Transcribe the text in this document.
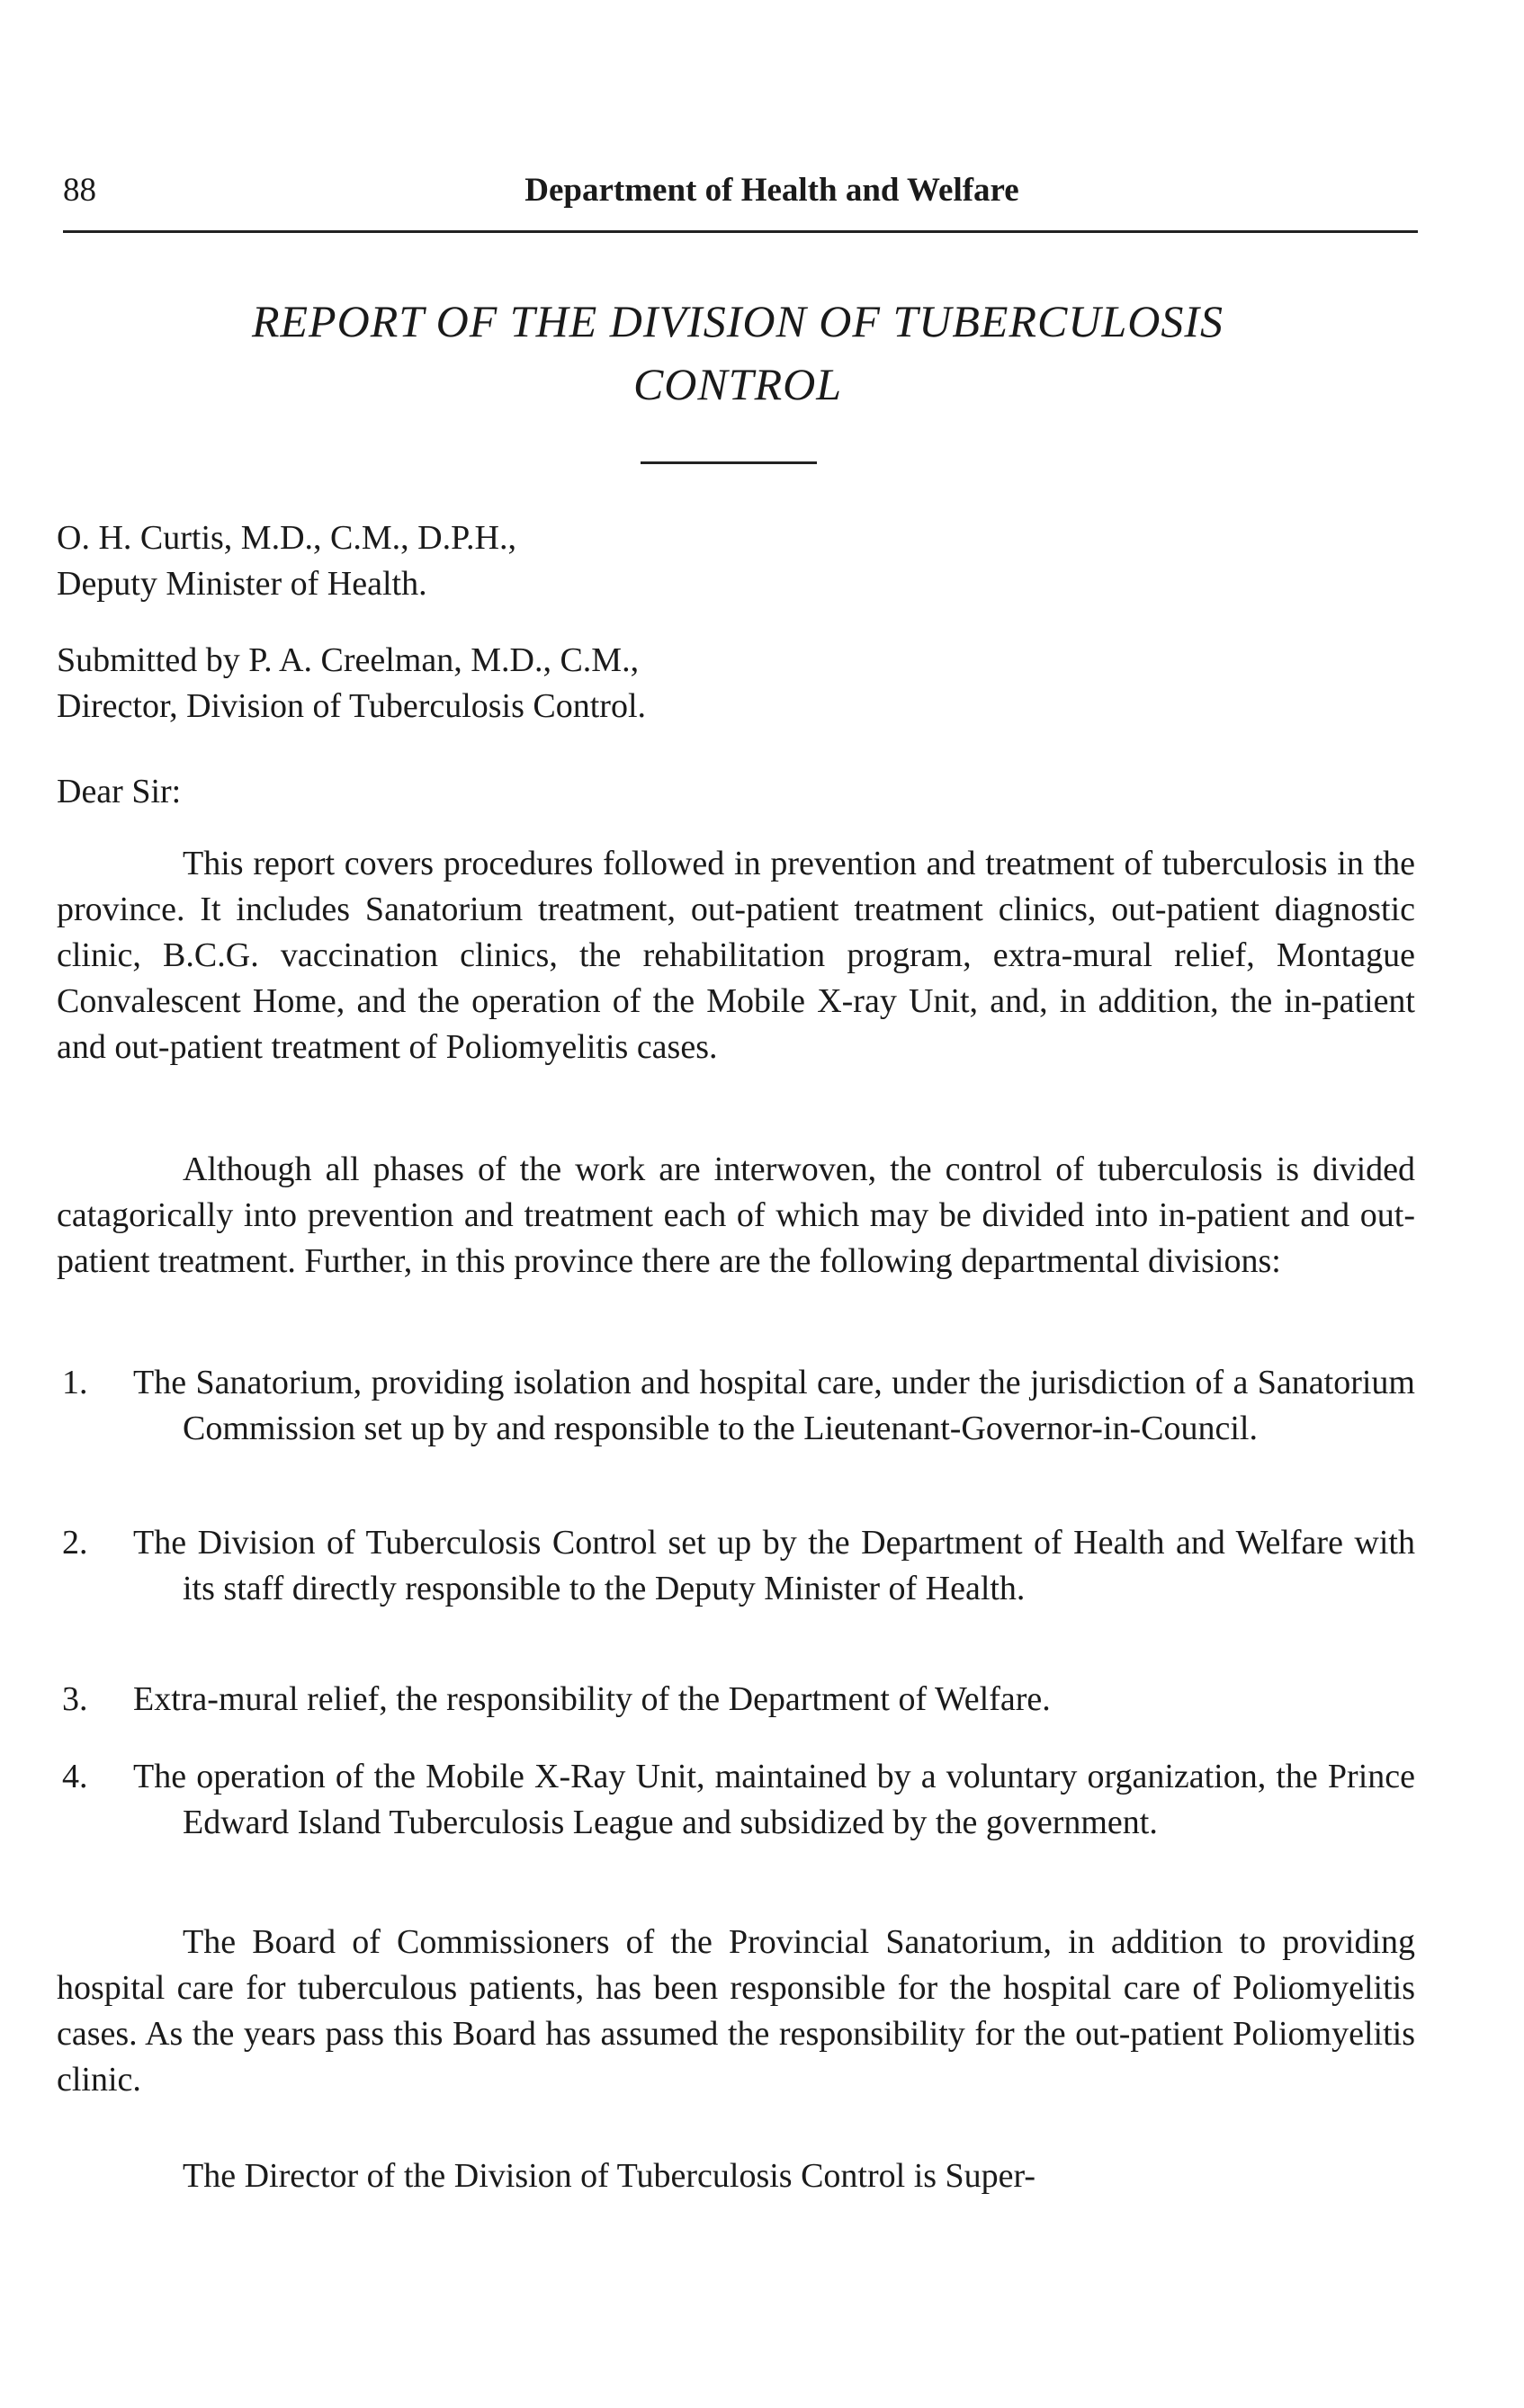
88	Department of Health and Welfare
REPORT OF THE DIVISION OF TUBERCULOSIS
CONTROL
O. H. Curtis, M.D., C.M., D.P.H.,
Deputy Minister of Health.
Submitted by P. A. Creelman, M.D., C.M.,
Director, Division of Tuberculosis Control.
Dear Sir:
This report covers procedures followed in prevention and treatment of tuberculosis in the province. It includes Sanatorium treatment, out-patient treatment clinics, out-patient diagnostic clinic, B.C.G. vaccination clinics, the rehabilitation program, extra-mural relief, Montague Convalescent Home, and the operation of the Mobile X-ray Unit, and, in addition, the in-patient and out-patient treatment of Poliomyelitis cases.
Although all phases of the work are interwoven, the control of tuberculosis is divided catagorically into prevention and treatment each of which may be divided into in-patient and out-patient treatment. Further, in this province there are the following departmental divisions:
1. The Sanatorium, providing isolation and hospital care, under the jurisdiction of a Sanatorium Commission set up by and responsible to the Lieutenant-Governor-in-Council.
2. The Division of Tuberculosis Control set up by the Department of Health and Welfare with its staff directly responsible to the Deputy Minister of Health.
3. Extra-mural relief, the responsibility of the Department of Welfare.
4. The operation of the Mobile X-Ray Unit, maintained by a voluntary organization, the Prince Edward Island Tuberculosis League and subsidized by the government.
The Board of Commissioners of the Provincial Sanatorium, in addition to providing hospital care for tuberculous patients, has been responsible for the hospital care of Poliomyelitis cases. As the years pass this Board has assumed the responsibility for the out-patient Poliomyelitis clinic.
The Director of the Division of Tuberculosis Control is Super-
